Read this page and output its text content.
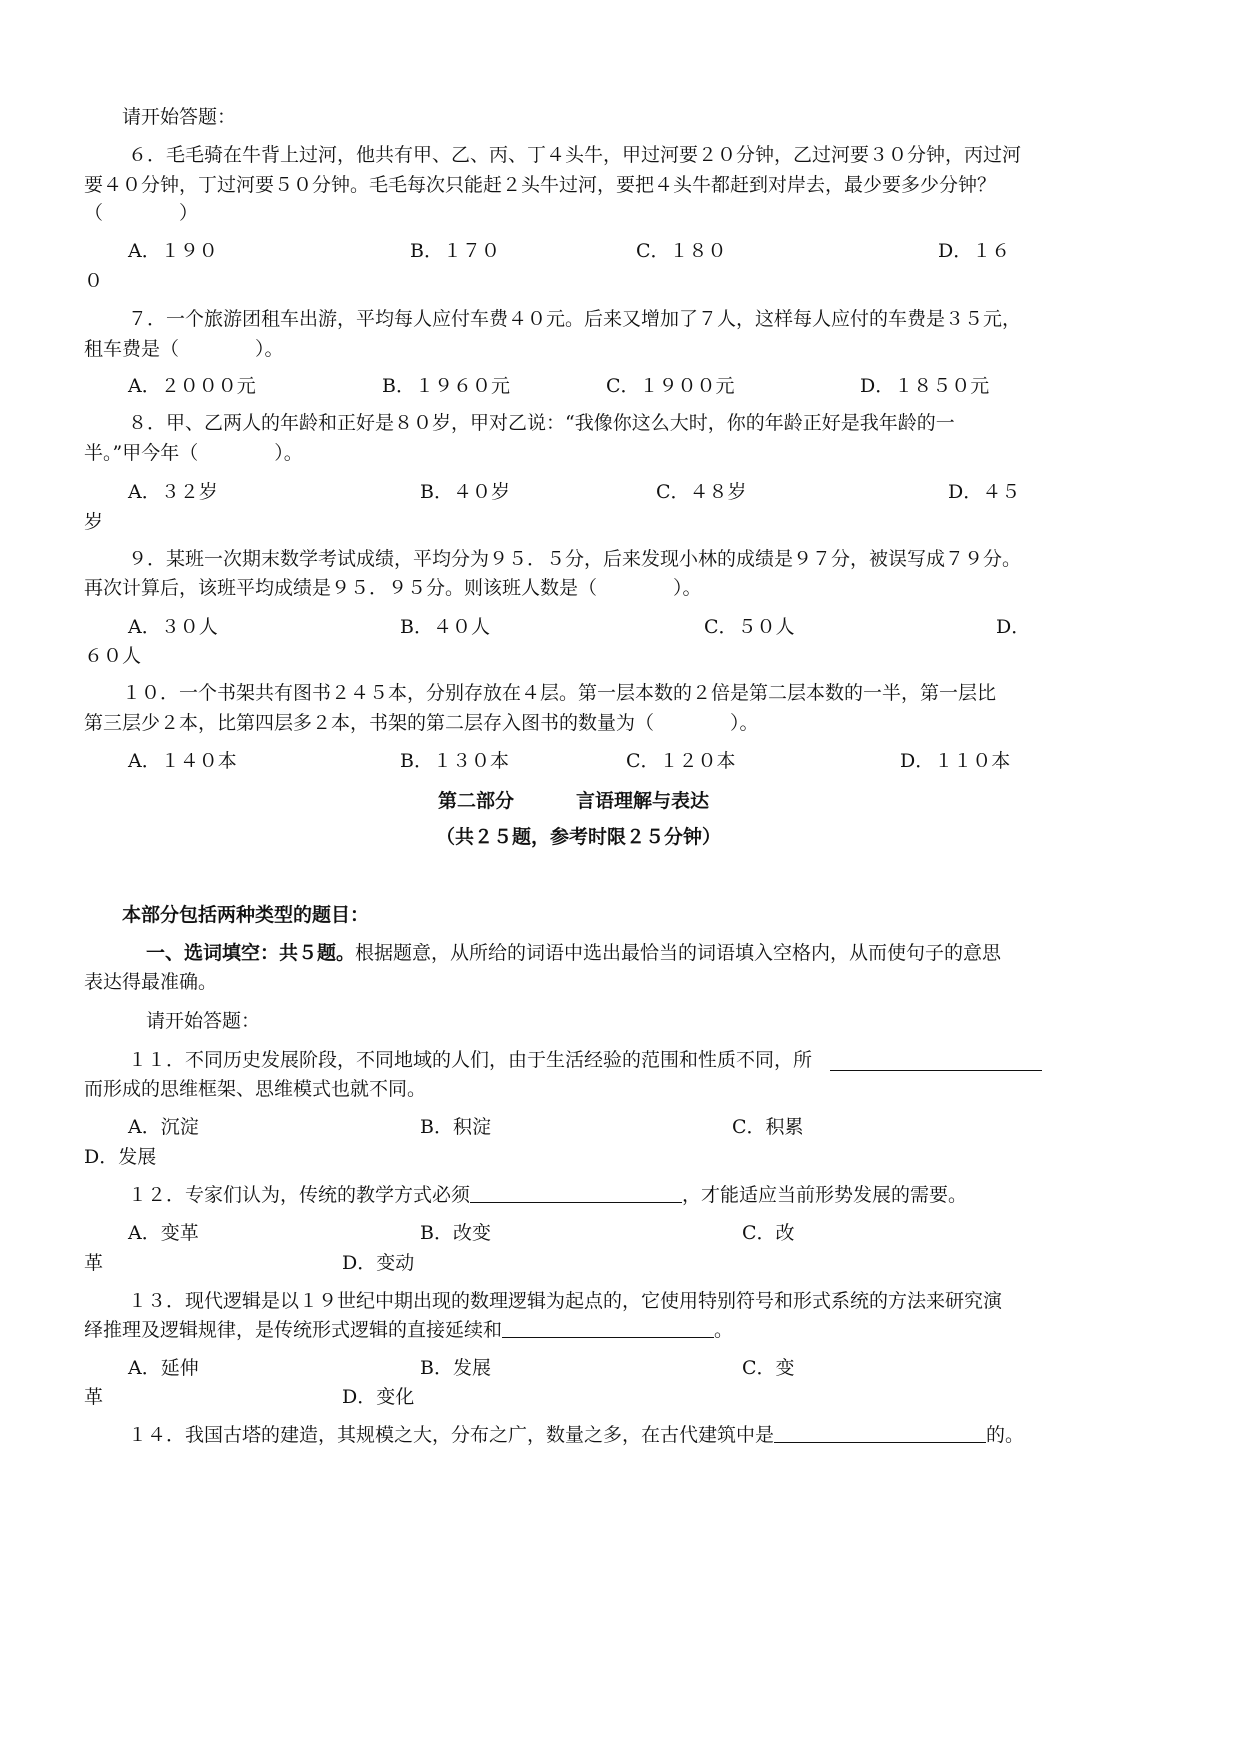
请开始答题：
６．毛毛骑在牛背上过河，他共有甲、乙、丙、丁４头牛，甲过河要２０分钟，乙过河要３０分钟，丙过河
要４０分钟，丁过河要５０分钟。毛毛每次只能赶２头牛过河，要把４头牛都赶到对岸去，最少要多少分钟？
（　　　　）
A．１９０	B．１７０	C．１８０	D．１６
０
７．一个旅游团租车出游，平均每人应付车费４０元。后来又增加了７人，这样每人应付的车费是３５元，
租车费是（　　　　）。
A．２０００元	B．１９６０元	C．１９００元	D．１８５０元
８．甲、乙两人的年龄和正好是８０岁，甲对乙说：“我像你这么大时，你的年龄正好是我年龄的一
半。”甲今年（　　　　）。
A．３２岁	B．４０岁	C．４８岁	D．４５
岁
９．某班一次期末数学考试成绩，平均分为９５．５分，后来发现小林的成绩是９７分，被误写成７９分。
再次计算后，该班平均成绩是９５．９５分。则该班人数是（　　　　）。
A．３０人	B．４０人	C．５０人	D．
６０人
１０．一个书架共有图书２４５本，分别存放在４层。第一层本数的２倍是第二层本数的一半，第一层比
第三层少２本，比第四层多２本，书架的第二层存入图书的数量为（　　　　）。
A．１４０本	B．１３０本	C．１２０本	D．１１０本
第二部分	言语理解与表达
（共２５题，参考时限２５分钟）
本部分包括两种类型的题目：
一、选词填空：共５题。根据题意，从所给的词语中选出最恰当的词语填入空格内，从而使句子的意思
表达得最准确。
请开始答题：
１１．不同历史发展阶段，不同地域的人们，由于生活经验的范围和性质不同，所
而形成的思维框架、思维模式也就不同。
A．沉淀	B．积淀	C．积累
D．发展
１２．专家们认为，传统的教学方式必须	，才能适应当前形势发展的需要。
A．变革	B．改变	C．改
革	D．变动
１３．现代逻辑是以１９世纪中期出现的数理逻辑为起点的，它使用特别符号和形式系统的方法来研究演
绎推理及逻辑规律，是传统形式逻辑的直接延续和	。
A．延伸	B．发展	C．变
革	D．变化
１４．我国古塔的建造，其规模之大，分布之广，数量之多，在古代建筑中是	的。
